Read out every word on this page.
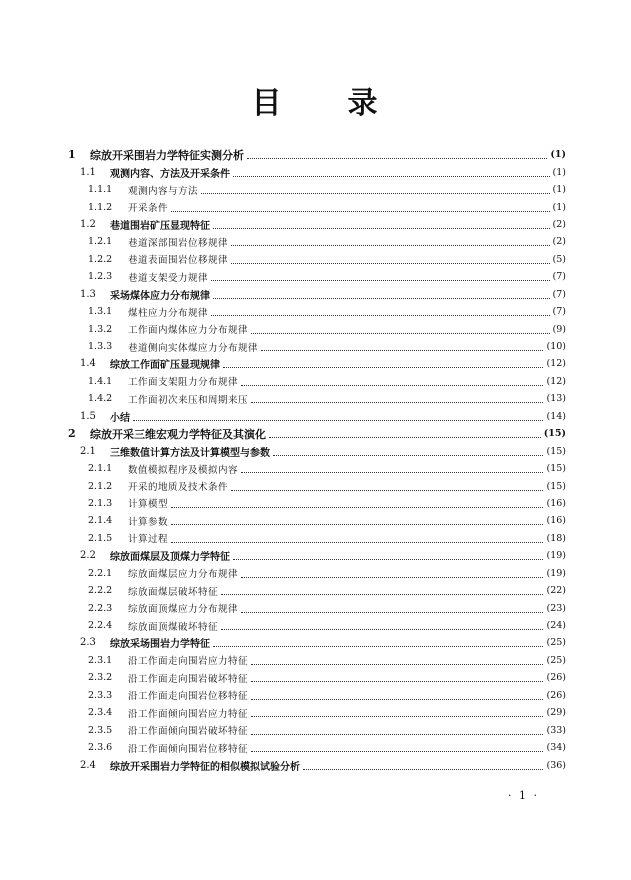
目 录
1	综放开采围岩力学特征实测分析	(1)
1.1	观测内容、方法及开采条件	(1)
1.1.1	观测内容与方法	(1)
1.1.2	开采条件	(1)
1.2	巷道围岩矿压显现特征	(2)
1.2.1	巷道深部围岩位移规律	(2)
1.2.2	巷道表面围岩位移规律	(5)
1.2.3	巷道支架受力规律	(7)
1.3	采场煤体应力分布规律	(7)
1.3.1	煤柱应力分布规律	(7)
1.3.2	工作面内煤体应力分布规律	(9)
1.3.3	巷道侧向实体煤应力分布规律	(10)
1.4	综放工作面矿压显现规律	(12)
1.4.1	工作面支架阻力分布规律	(12)
1.4.2	工作面初次来压和周期来压	(13)
1.5	小结	(14)
2	综放开采三维宏观力学特征及其演化	(15)
2.1	三维数值计算方法及计算模型与参数	(15)
2.1.1	数值模拟程序及模拟内容	(15)
2.1.2	开采的地质及技术条件	(15)
2.1.3	计算模型	(16)
2.1.4	计算参数	(16)
2.1.5	计算过程	(18)
2.2	综放面煤层及顶煤力学特征	(19)
2.2.1	综放面煤层应力分布规律	(19)
2.2.2	综放面煤层破坏特征	(22)
2.2.3	综放面顶煤应力分布规律	(23)
2.2.4	综放面顶煤破坏特征	(24)
2.3	综放采场围岩力学特征	(25)
2.3.1	沿工作面走向围岩应力特征	(25)
2.3.2	沿工作面走向围岩破坏特征	(26)
2.3.3	沿工作面走向围岩位移特征	(26)
2.3.4	沿工作面倾向围岩应力特征	(29)
2.3.5	沿工作面倾向围岩破坏特征	(33)
2.3.6	沿工作面倾向围岩位移特征	(34)
2.4	综放开采围岩力学特征的相似模拟试验分析	(36)
· 1 ·
